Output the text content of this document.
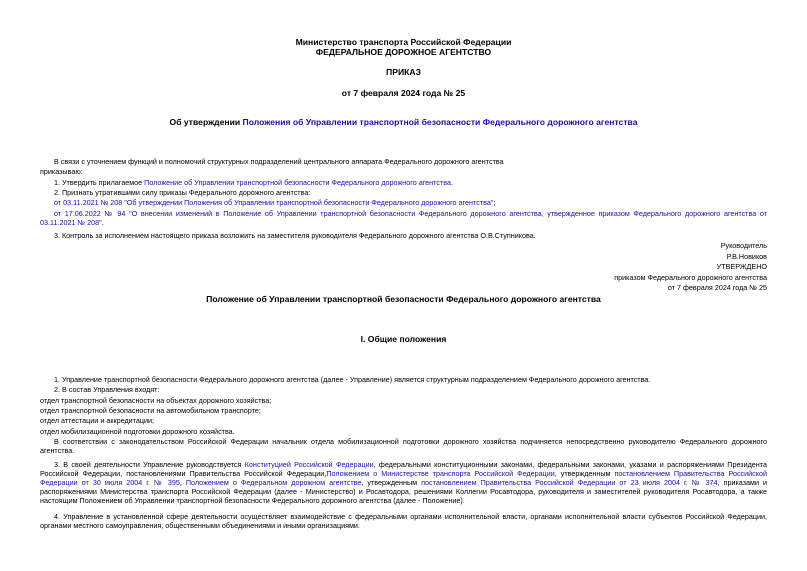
Министерство транспорта Российской Федерации
ФЕДЕРАЛЬНОЕ ДОРОЖНОЕ АГЕНТСТВО
ПРИКАЗ
от 7 февраля 2024 года № 25
Об утверждении Положения об Управлении транспортной безопасности Федерального дорожного агентства
В связи с уточнением функций и полномочий структурных подразделений центрального аппарата Федерального дорожного агентства
приказываю:
1. Утвердить прилагаемое Положение об Управлении транспортной безопасности Федерального дорожного агентства.
2. Признать утратившими силу приказы Федерального дорожного агентства:
от 03.11.2021 № 208 "Об утверждении Положения об Управлении транспортной безопасности Федерального дорожного агентства";
от 17.06.2022 № 94 "О внесении изменений в Положение об Управлении транспортной безопасности Федерального дорожного агентства, утвержденное приказом Федерального дорожного агентства от 03.11.2021 № 208".
3. Контроль за исполнением настоящего приказа возложить на заместителя руководителя Федерального дорожного агентства О.В.Ступникова.
Руководитель
Р.В.Новиков
УТВЕРЖДЕНО
приказом Федерального дорожного агентства
от 7 февраля 2024 года № 25
Положение об Управлении транспортной безопасности Федерального дорожного агентства
I. Общие положения
1. Управление транспортной безопасности Федерального дорожного агентства (далее - Управление) является структурным подразделением Федерального дорожного агентства.
2. В состав Управления входят:
отдел транспортной безопасности на объектах дорожного хозяйства;
отдел транспортной безопасности на автомобильном транспорте;
отдел аттестации и аккредитации;
отдел мобилизационной подготовки дорожного хозяйства.
В соответствии с законодательством Российской Федерации начальник отдела мобилизационной подготовки дорожного хозяйства подчиняется непосредственно руководителю Федерального дорожного агентства.
3. В своей деятельности Управление руководствуется Конституцией Российской Федерации, федеральными конституционными законами, федеральными законами, указами и распоряжениями Президента Российской Федерации, постановлениями Правительства Российской Федерации,Положением о Министерстве транспорта Российской Федерации, утвержденным постановлением Правительства Российской Федерации от 30 июля 2004 г. № 395, Положением о Федеральном дорожном агентстве, утвержденным постановлением Правительства Российской Федерации от 23 июля 2004 г. № 374, приказами и распоряжениями Министерства транспорта Российской Федерации (далее - Министерство) и Росавтодора, решениями Коллегии Росавтодора, руководителя и заместителей руководителя Росавтодора, а также настоящим Положением об Управлении транспортной безопасности Федерального дорожного агентства (далее - Положение).
4. Управление в установленной сфере деятельности осуществляет взаимодействие с федеральными органами исполнительной власти, органами исполнительной власти субъектов Российской Федерации, органами местного самоуправления, общественными объединениями и иными организациями.
